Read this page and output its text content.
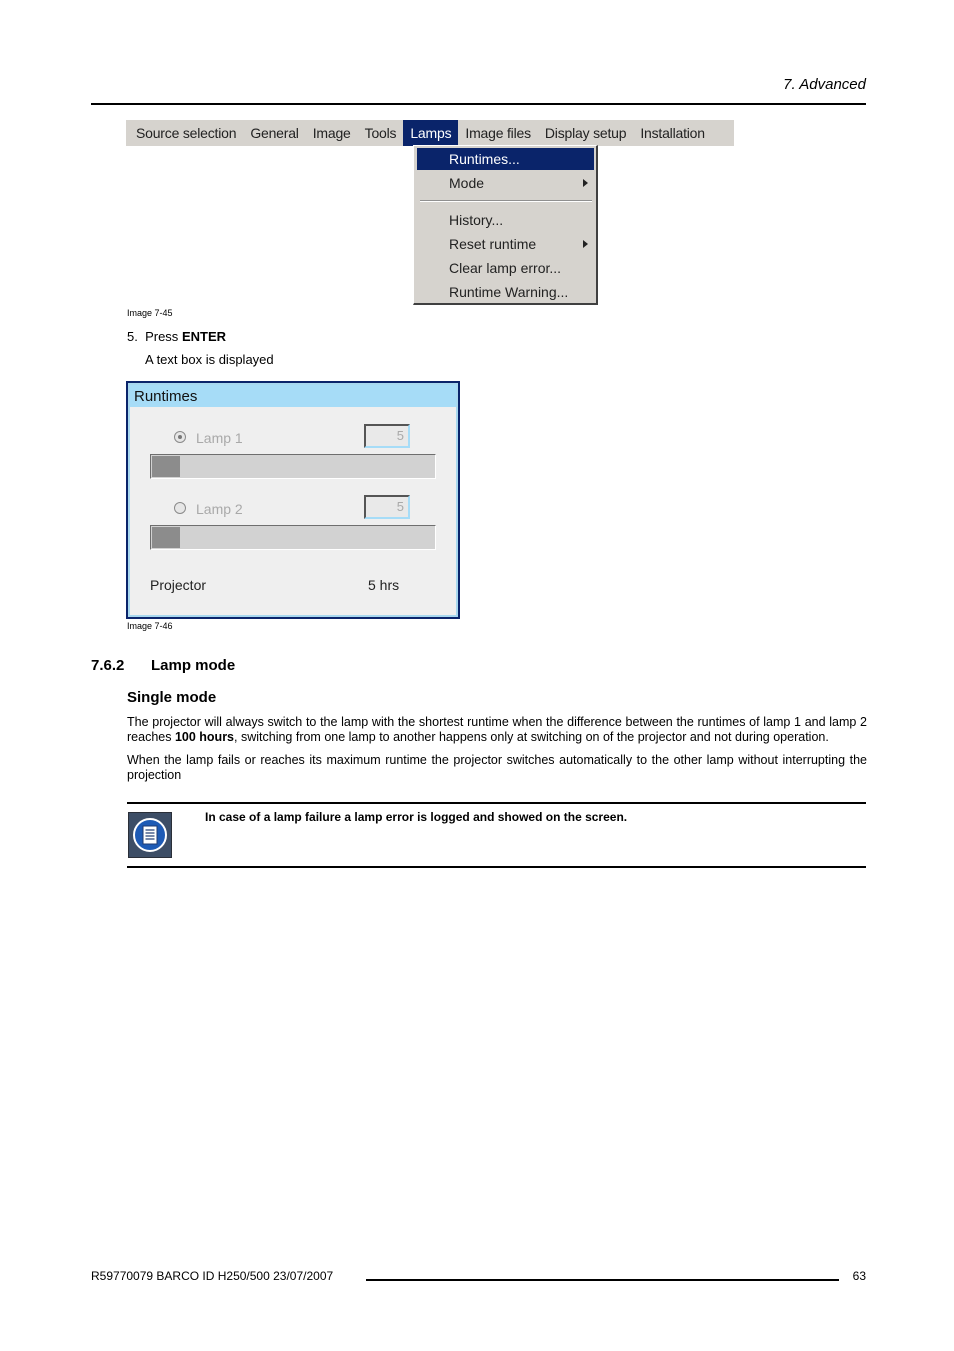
7. Advanced
Source selection	General	Image	Tools	Lamps	Image files	Display setup	Installation
Runtimes...
Mode
History...
Reset runtime
Clear lamp error...
Runtime Warning...
Image 7-45
5. Press ENTER
A text box is displayed
Runtimes
Lamp 1	5
Lamp 2	5
Projector	5 hrs
Image 7-46
7.6.2 Lamp mode
Single mode
The projector will always switch to the lamp with the shortest runtime when the difference between the runtimes of lamp 1 and lamp 2 reaches 100 hours, switching from one lamp to another happens only at switching on of the projector and not during operation.
When the lamp fails or reaches its maximum runtime the projector switches automatically to the other lamp without interrupting the projection
In case of a lamp failure a lamp error is logged and showed on the screen.
R59770079 BARCO ID H250/500 23/07/2007	63
